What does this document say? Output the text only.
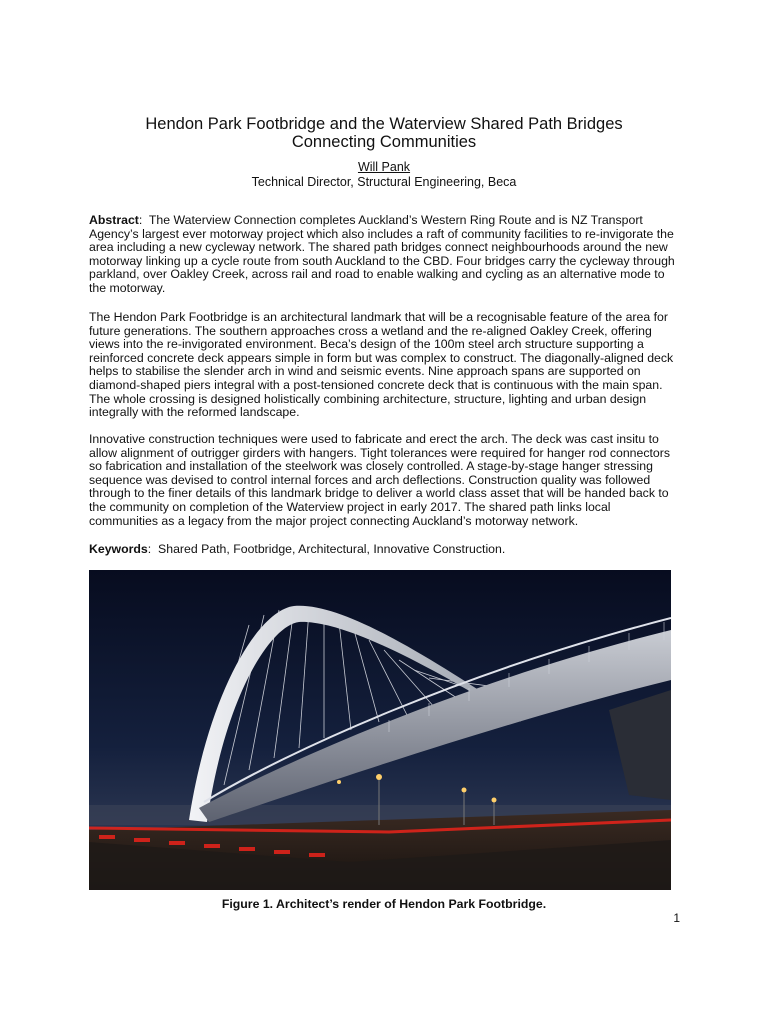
Hendon Park Footbridge and the Waterview Shared Path Bridges
Connecting Communities
Will Pank
Technical Director, Structural Engineering, Beca
Abstract:  The Waterview Connection completes Auckland’s Western Ring Route and is NZ Transport Agency’s largest ever motorway project which also includes a raft of community facilities to re-invigorate the area including a new cycleway network. The shared path bridges connect neighbourhoods around the new motorway linking up a cycle route from south Auckland to the CBD. Four bridges carry the cycleway through parkland, over Oakley Creek, across rail and road to enable walking and cycling as an alternative mode to the motorway.
The Hendon Park Footbridge is an architectural landmark that will be a recognisable feature of the area for future generations. The southern approaches cross a wetland and the re-aligned Oakley Creek, offering views into the re-invigorated environment. Beca’s design of the 100m steel arch structure supporting a reinforced concrete deck appears simple in form but was complex to construct. The diagonally-aligned deck helps to stabilise the slender arch in wind and seismic events. Nine approach spans are supported on diamond-shaped piers integral with a post-tensioned concrete deck that is continuous with the main span. The whole crossing is designed holistically combining architecture, structure, lighting and urban design integrally with the reformed landscape.
Innovative construction techniques were used to fabricate and erect the arch. The deck was cast insitu to allow alignment of outrigger girders with hangers. Tight tolerances were required for hanger rod connectors so fabrication and installation of the steelwork was closely controlled. A stage-by-stage hanger stressing sequence was devised to control internal forces and arch deflections. Construction quality was followed through to the finer details of this landmark bridge to deliver a world class asset that will be handed back to the community on completion of the Waterview project in early 2017. The shared path links local communities as a legacy from the major project connecting Auckland’s motorway network.
Keywords:  Shared Path, Footbridge, Architectural, Innovative Construction.
Figure 1. Architect’s render of Hendon Park Footbridge.
1
